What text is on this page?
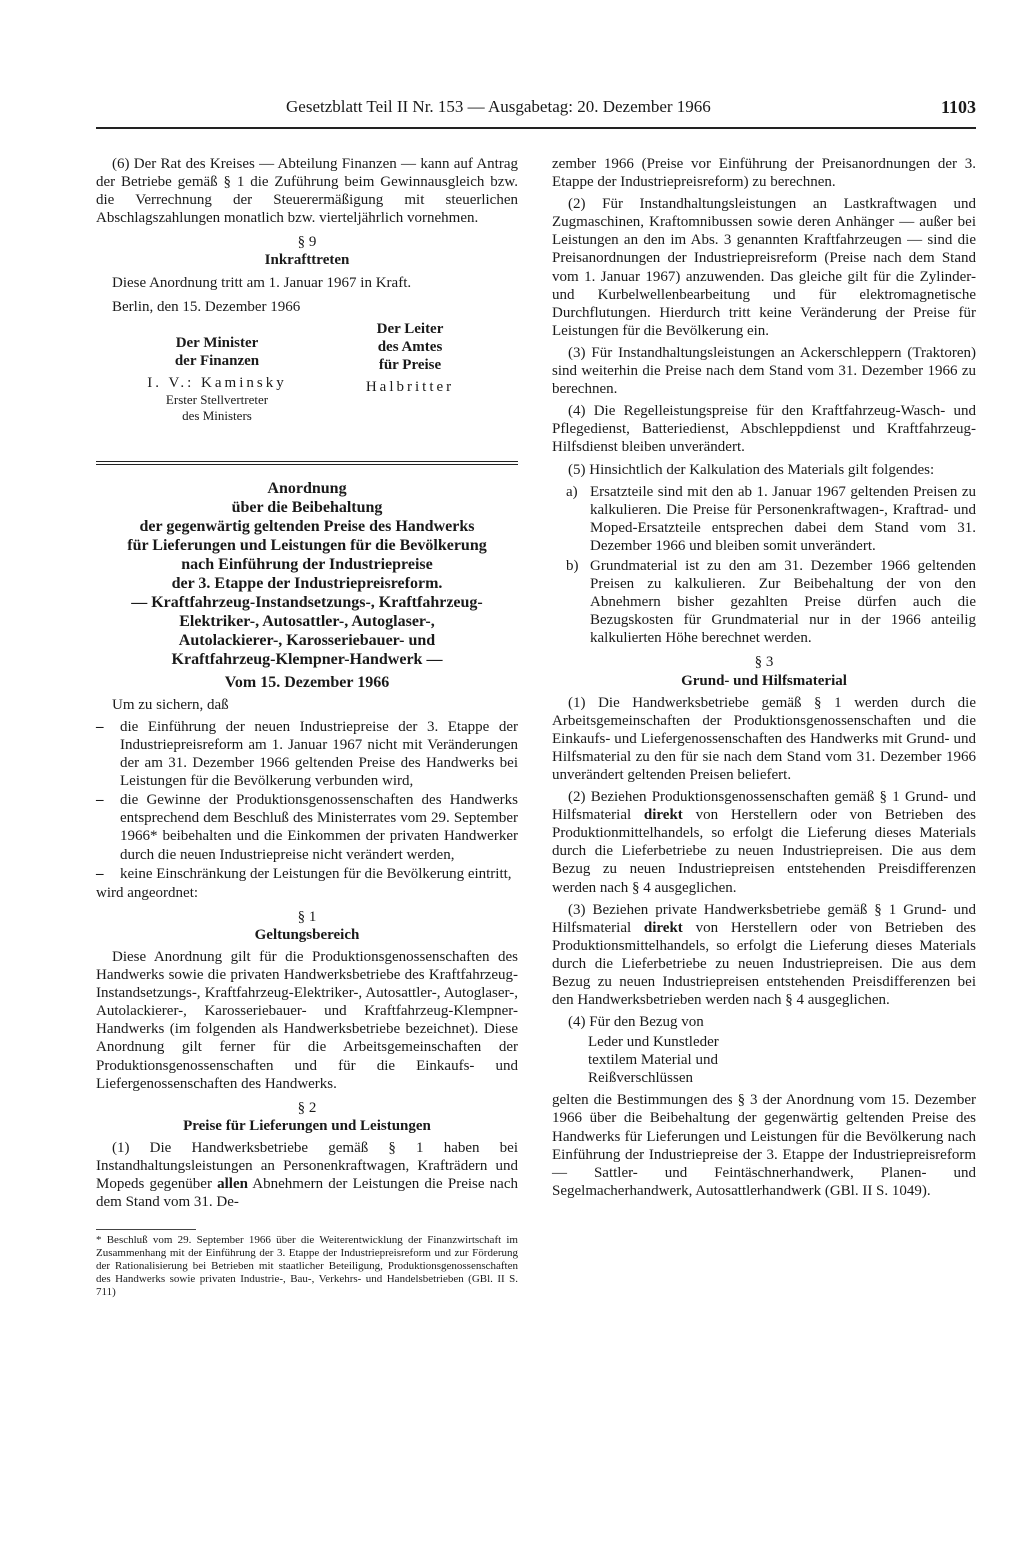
Gesetzblatt Teil II Nr. 153 — Ausgabetag: 20. Dezember 1966	1103

(6) Der Rat des Kreises — Abteilung Finanzen — kann auf Antrag der Betriebe gemäß § 1 die Zuführung beim Gewinnausgleich bzw. die Verrechnung der Steuerermäßigung mit steuerlichen Abschlagszahlungen monatlich bzw. vierteljährlich vornehmen.

§ 9

Inkrafttreten

Diese Anordnung tritt am 1. Januar 1967 in Kraft.

Berlin, den 15. Dezember 1966

Der Minister
der Finanzen
I. V.: Kaminsky
Erster Stellvertreter
des Ministers
Der Leiter
des Amtes
für Preise
Halbritter
Anordnung
über die Beibehaltung
der gegenwärtig geltenden Preise des Handwerks
für Lieferungen und Leistungen für die Bevölkerung
nach Einführung der Industriepreise
der 3. Etappe der Industriepreisreform.
— Kraftfahrzeug-Instandsetzungs-, Kraftfahrzeug-
Elektriker-, Autosattler-, Autoglaser-,
Autolackierer-, Karosseriebauer- und
Kraftfahrzeug-Klempner-Handwerk —
Vom 15. Dezember 1966

Um zu sichern, daß

– die Einführung der neuen Industriepreise der 3. Etappe der Industriepreisreform am 1. Januar 1967 nicht mit Veränderungen der am 31. Dezember 1966 geltenden Preise des Handwerks bei Leistungen für die Bevölkerung verbunden wird,
– die Gewinne der Produktionsgenossenschaften des Handwerks entsprechend dem Beschluß des Ministerrates vom 29. September 1966* beibehalten und die Einkommen der privaten Handwerker durch die neuen Industriepreise nicht verändert werden,
– keine Einschränkung der Leistungen für die Bevölkerung eintritt,

wird angeordnet:

§ 1

Geltungsbereich

Diese Anordnung gilt für die Produktionsgenossenschaften des Handwerks sowie die privaten Handwerksbetriebe des Kraftfahrzeug-Instandsetzungs-, Kraftfahrzeug-Elektriker-, Autosattler-, Autoglaser-, Autolackierer-, Karosseriebauer- und Kraftfahrzeug-Klempner-Handwerks (im folgenden als Handwerksbetriebe bezeichnet). Diese Anordnung gilt ferner für die Arbeitsgemeinschaften der Produktionsgenossenschaften und für die Einkaufs- und Liefergenossenschaften des Handwerks.

§ 2

Preise für Lieferungen und Leistungen

(1) Die Handwerksbetriebe gemäß § 1 haben bei Instandhaltungsleistungen an Personenkraftwagen, Krafträdern und Mopeds gegenüber allen Abnehmern der Leistungen die Preise nach dem Stand vom 31. De-

* Beschluß vom 29. September 1966 über die Weiterentwicklung der Finanzwirtschaft im Zusammenhang mit der Einführung der 3. Etappe der Industriepreisreform und zur Förderung der Rationalisierung bei Betrieben mit staatlicher Beteiligung, Produktionsgenossenschaften des Handwerks sowie privaten Industrie-, Bau-, Verkehrs- und Handelsbetrieben (GBl. II S. 711)

zember 1966 (Preise vor Einführung der Preisanordnungen der 3. Etappe der Industriepreisreform) zu berechnen.

(2) Für Instandhaltungsleistungen an Lastkraftwagen und Zugmaschinen, Kraftomnibussen sowie deren Anhänger — außer bei Leistungen an den im Abs. 3 genannten Kraftfahrzeugen — sind die Preisanordnungen der Industriepreisreform (Preise nach dem Stand vom 1. Januar 1967) anzuwenden. Das gleiche gilt für die Zylinder- und Kurbelwellenbearbeitung und für elektromagnetische Durchflutungen. Hierdurch tritt keine Veränderung der Preise für Leistungen für die Bevölkerung ein.

(3) Für Instandhaltungsleistungen an Ackerschleppern (Traktoren) sind weiterhin die Preise nach dem Stand vom 31. Dezember 1966 zu berechnen.

(4) Die Regelleistungspreise für den Kraftfahrzeug-Wasch- und Pflegedienst, Batteriedienst, Abschleppdienst und Kraftfahrzeug-Hilfsdienst bleiben unverändert.

(5) Hinsichtlich der Kalkulation des Materials gilt folgendes:

a) Ersatzteile sind mit den ab 1. Januar 1967 geltenden Preisen zu kalkulieren. Die Preise für Personenkraftwagen-, Kraftrad- und Moped-Ersatzteile entsprechen dabei dem Stand vom 31. Dezember 1966 und bleiben somit unverändert.
b) Grundmaterial ist zu den am 31. Dezember 1966 geltenden Preisen zu kalkulieren. Zur Beibehaltung der von den Abnehmern bisher gezahlten Preise dürfen auch die Bezugskosten für Grundmaterial nur in der 1966 anteilig kalkulierten Höhe berechnet werden.

§ 3

Grund- und Hilfsmaterial

(1) Die Handwerksbetriebe gemäß § 1 werden durch die Arbeitsgemeinschaften der Produktionsgenossenschaften und die Einkaufs- und Liefergenossenschaften des Handwerks mit Grund- und Hilfsmaterial zu den für sie nach dem Stand vom 31. Dezember 1966 unverändert geltenden Preisen beliefert.

(2) Beziehen Produktionsgenossenschaften gemäß § 1 Grund- und Hilfsmaterial direkt von Herstellern oder von Betrieben des Produktionmittelhandels, so erfolgt die Lieferung dieses Materials durch die Lieferbetriebe zu neuen Industriepreisen. Die aus dem Bezug zu neuen Industriepreisen entstehenden Preisdifferenzen werden nach § 4 ausgeglichen.

(3) Beziehen private Handwerksbetriebe gemäß § 1 Grund- und Hilfsmaterial direkt von Herstellern oder von Betrieben des Produktionsmittelhandels, so erfolgt die Lieferung dieses Materials durch die Lieferbetriebe zu neuen Industriepreisen. Die aus dem Bezug zu neuen Industriepreisen entstehenden Preisdifferenzen bei den Handwerksbetrieben werden nach § 4 ausgeglichen.

(4) Für den Bezug von

Leder und Kunstleder
textilem Material und
Reißverschlüssen

gelten die Bestimmungen des § 3 der Anordnung vom 15. Dezember 1966 über die Beibehaltung der gegenwärtig geltenden Preise des Handwerks für Lieferungen und Leistungen für die Bevölkerung nach Einführung der Industriepreise der 3. Etappe der Industriepreisreform — Sattler- und Feintäschnerhandwerk, Planen- und Segelmacherhandwerk, Autosattlerhandwerk (GBl. II S. 1049).
